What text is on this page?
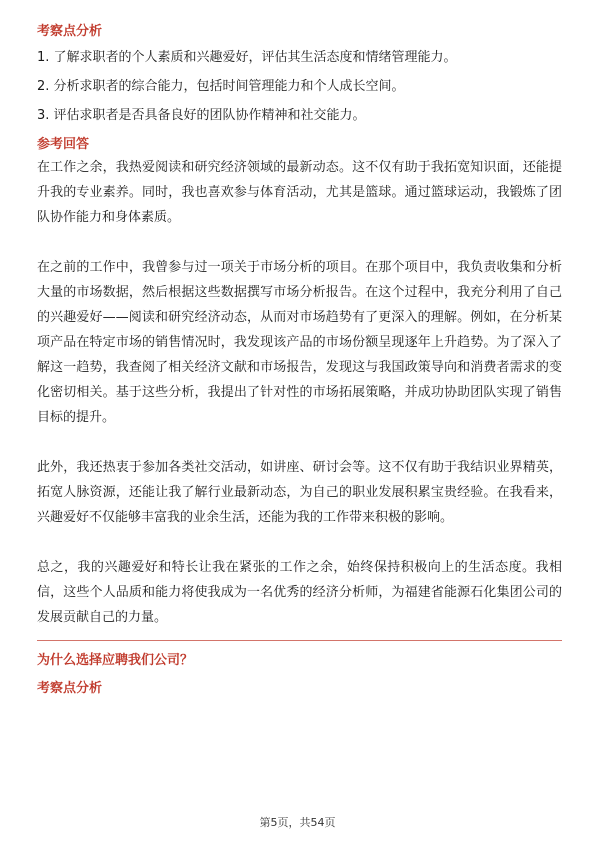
考察点分析
1. 了解求职者的个人素质和兴趣爱好，评估其生活态度和情绪管理能力。
2. 分析求职者的综合能力，包括时间管理能力和个人成长空间。
3. 评估求职者是否具备良好的团队协作精神和社交能力。
参考回答

在工作之余，我热爱阅读和研究经济领域的最新动态。这不仅有助于我拓宽知识面，还能提升我的专业素养。同时，我也喜欢参与体育活动，尤其是篮球。通过篮球运动，我锻炼了团队协作能力和身体素质。

在之前的工作中，我曾参与过一项关于市场分析的项目。在那个项目中，我负责收集和分析大量的市场数据，然后根据这些数据撰写市场分析报告。在这个过程中，我充分利用了自己的兴趣爱好——阅读和研究经济动态，从而对市场趋势有了更深入的理解。例如，在分析某项产品在特定市场的销售情况时，我发现该产品的市场份额呈现逐年上升趋势。为了深入了解这一趋势，我查阅了相关经济文献和市场报告，发现这与我国政策导向和消费者需求的变化密切相关。基于这些分析，我提出了针对性的市场拓展策略，并成功协助团队实现了销售目标的提升。

此外，我还热衷于参加各类社交活动，如讲座、研讨会等。这不仅有助于我结识业界精英，拓宽人脉资源，还能让我了解行业最新动态，为自己的职业发展积累宝贵经验。在我看来，兴趣爱好不仅能够丰富我的业余生活，还能为我的工作带来积极的影响。

总之，我的兴趣爱好和特长让我在紧张的工作之余，始终保持积极向上的生活态度。我相信，这些个人品质和能力将使我成为一名优秀的经济分析师，为福建省能源石化集团公司的发展贡献自己的力量。

为什么选择应聘我们公司？
考察点分析
第5页，共54页
